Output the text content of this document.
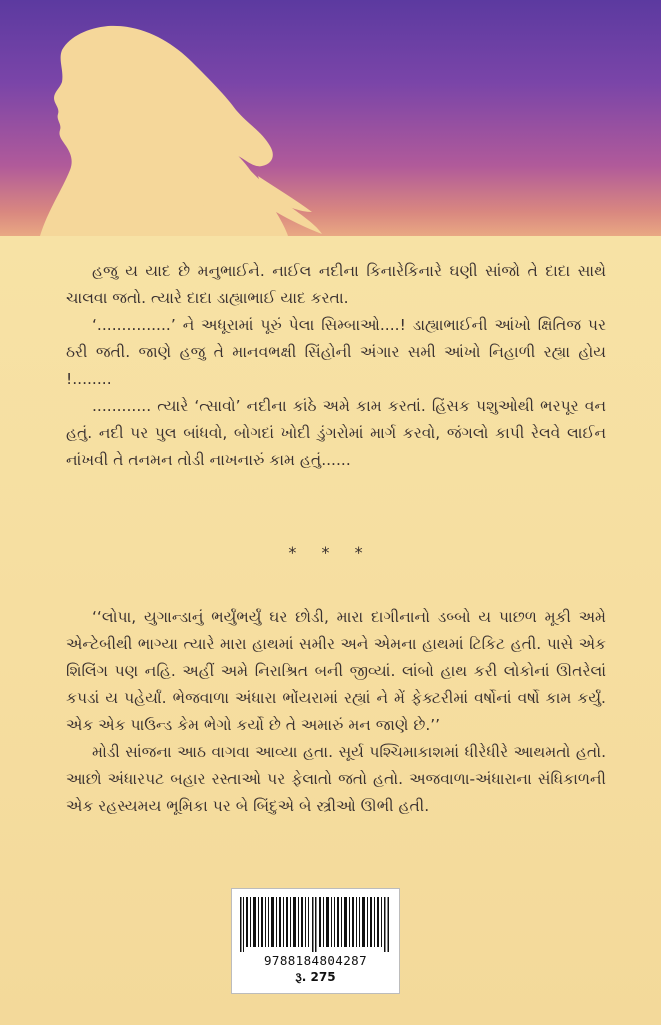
હજુ ય યાદ છે મનુભાઈને. નાઈલ નદીના કિનારેકિનારે ઘણી સાંજો તે દાદા સાથે ચાલવા જતો. ત્યારે દાદા ડાહ્યાભાઈ યાદ કરતા.

‘...............’ ને અધૂરામાં પૂરું પેલા સિમ્બાઓ....! ડાહ્યાભાઈની આંખો ક્ષિતિજ પર ઠરી જતી. જાણે હજુ તે માનવભક્ષી સિંહોની અંગાર સમી આંખો નિહાળી રહ્યા હોય !........

............ ત્યારે ‘ત્સાવો’ નદીના કાંઠે અમે કામ કરતાં. હિંસક પશુઓથી ભરપૂર વન હતું. નદી પર પુલ બાંધવો, બોગદાં ખોદી ડુંગરોમાં માર્ગ કરવો, જંગલો કાપી રેલવે લાઈન નાંખવી તે તનમન તોડી નાખનારું કામ હતું......

* * *

‘‘લોપા, યુગાન્ડાનું ભર્યુંભર્યું ઘર છોડી, મારા દાગીનાનો ડબ્બો ય પાછળ મૂકી અમે એન્ટેબીથી ભાગ્યા ત્યારે મારા હાથમાં સમીર અને એમના હાથમાં ટિકિટ હતી. પાસે એક શિલિંગ પણ નહિ. અહીં અમે નિરાશ્રિત બની જીવ્યાં. લાંબો હાથ કરી લોકોનાં ઊતરેલાં કપડાં ય પહેર્યાં. ભેજવાળા અંધારા ભોંયરામાં રહ્યાં ને મેં ફેક્ટરીમાં વર્ષોનાં વર્ષો કામ કર્યું. એક એક પાઉન્ડ કેમ ભેગો કર્યો છે તે અમારું મન જાણે છે.’’

મોડી સાંજના આઠ વાગવા આવ્યા હતા. સૂર્ય પશ્ચિમાકાશમાં ધીરેધીરે આથમતો હતો. આછો અંધારપટ બહાર રસ્તાઓ પર ફેલાતો જતો હતો. અજવાળા-અંધારાના સંધિકાળની એક રહસ્યમય ભૂમિકા પર બે બિંદુએ બે સ્ત્રીઓ ઊભી હતી.

9788184804287
રૂ. 275
